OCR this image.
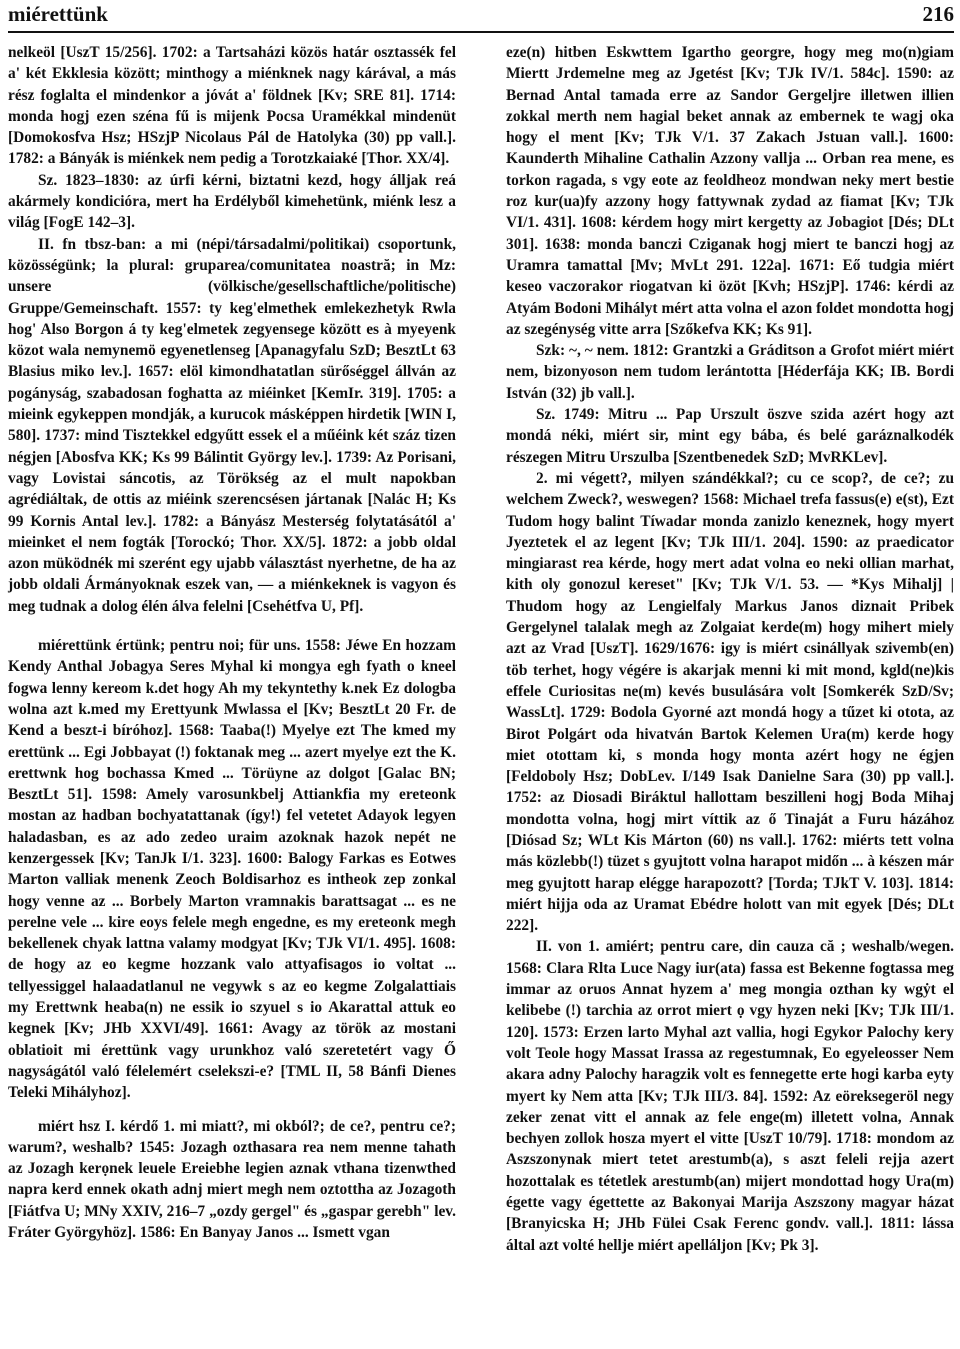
miérettünk	216

nelkeöl [UszT 15/256]. 1702: a Tartsaházi közös határ osztassék fel a' két Ekklesia között; minthogy a miénknek nagy kárával, a más rész foglalta el mindenkor a jóvát a' földnek [Kv; SRE 81]. 1714: monda hogj ezen széna fű is mijenk Pocsa Uramékkal mindenüt [Domokosfva Hsz; HSzjP Nicolaus Pál de Hatolyka (30) pp vall.]. 1782: a Bányák is miénkek nem pedig a Torotzkaiaké [Thor. XX/4].

Sz. 1823–1830: az úrfi kérni, biztatni kezd, hogy álljak reá akármely kondicióra, mert ha Erdélyből kimehetünk, miénk lesz a világ [FogE 142–3].

II. fn tbsz-ban: a mi (népi/társadalmi/politikai) csoportunk, közösségünk; la plural: gruparea/comunitatea noastră; in Mz: unsere (völkische/gesellschaftliche/politische) Gruppe/Gemeinschaft. 1557: ty keg'elmethek emlekezhetyk Rwla hog' Also Borgon á ty keg'elmetek zegyensege között es à myeyenk közot wala nemynemö egyenetlenseg [Apanagyfalu SzD; BesztLt 63 Blasius miko lev.]. 1657: elöl kimondhatatlan sürőséggel állván az pogányság, szabadosan foghatta az miéinket [KemIr. 319]. 1705: a mieink egykeppen mondják, a kurucok másképpen hirdetik [WIN I, 580]. 1737: mind Tisztekkel edgyűtt essek el a műéink két száz tizen négjen [Abosfva KK; Ks 99 Bálintit György lev.]. 1739: Az Porisani, vagy Lovistai sáncotis, az Törökség az el mult napokban agrédiáltak, de ottis az miéink szerencsésen jártanak [Nalác H; Ks 99 Kornis Antal lev.]. 1782: a Bányász Mesterség folytatásától a' mieinket el nem fogták [Torockó; Thor. XX/5]. 1872: a jobb oldal azon müködnék mi szerént egy ujabb választást nyerhetne, de ha az jobb oldali Ármányoknak eszek van, — a miénkeknek is vagyon és meg tudnak a dolog élén álva felelni [Csehétfva U, Pf].

miérettünk értünk; pentru noi; für uns. 1558: Jéwe En hozzam Kendy Anthal Jobagya Seres Myhal ki mongya egh fyath o kneel fogwa lenny kereom k.det hogy Ah my tekyntethy k.nek Ez dologba wolna azt k.med my Erettyunk Mwlassa el [Kv; BesztLt 20 Fr. de Kend a beszt-i bíróhoz]. 1568: Taaba(!) Myelye ezt The kmed my erettünk ... Egi Jobbayat (!) foktanak meg ... azert myelye ezt the K. erettwnk hog bochassa Kmed ... Törüyne az dolgot [Galac BN; BesztLt 51]. 1598: Amely varosunkbelj Attiankfia my ereteonk mostan az hadban bochyatattanak (így!) fel vetetet Adayok legyen haladasban, es az ado zedeo uraim azoknak hazok nepét ne kenzergessek [Kv; TanJk I/1. 323]. 1600: Balogy Farkas es Eotwes Marton valliak menenk Zeoch Boldisarhoz es intheok zep zonkal hogy venne az ... Borbely Marton vramnakis barattsagat ... es ne perelne vele ... kire eoys felele megh engedne, es my ereteonk megh bekellenek chyak lattna valamy modgyat [Kv; TJk VI/1. 495]. 1608: de hogy az eo kegme hozzank valo attyafisagos io voltat ... tellyessiggel halaadatlanul ne vegywk s az eo kegme Zolgalattiais my Erettwnk heaba(n) ne essik io szyuel s io Akarattal attuk eo kegnek [Kv; JHb XXVI/49]. 1661: Avagy az török az mostani oblatioit mi érettünk vagy urunkhoz való szeretetért vagy Ő nagyságától való félelemért cselekszi-e? [TML II, 58 Bánfi Dienes Teleki Mihályhoz].

miért hsz I. kérdő 1. mi miatt?, mi okból?; de ce?, pentru ce?; warum?, weshalb? 1545: Jozagh ozthasara rea nem menne tahath az Jozagh kerọnek leuele Ereiebhe legien aznak vthana tizenwthed napra kerd ennek okath adnj miert megh nem oztottha az Jozagoth [Fiátfva U; MNy XXIV, 216–7 „ozdy gergel" és „gaspar gerebh" lev. Fráter Györgyhöz]. 1586: En Banyay Janos ... Ismett vgan

eze(n) hitben Eskwttem Igartho georgre, hogy meg mo(n)giam Miertt Jrdemelne meg az Jgetést [Kv; TJk IV/1. 584c]. 1590: az Bernad Antal tamada erre az Sandor Gergeljre illetwen illien zokkal merth nem hagial beket annak az embernek te wagj oka hogy el ment [Kv; TJk V/1. 37 Zakach Jstuan vall.]. 1600: Kaunderth Mihaline Cathalin Azzony vallja ... Orban rea mene, es torkon ragada, s vgy eote az feoldheoz mondwan neky mert bestie roz kur(ua)fy azzony hogy fattywnak zydad az fiamat [Kv; TJk VI/1. 431]. 1608: kérdem hogy mirt kergetty az Jobagiot [Dés; DLt 301]. 1638: monda banczi Cziganak hogj miert te banczi hogj az Uramra tamattal [Mv; MvLt 291. 122a]. 1671: Eő tudgia miért keseo vaczorakor riogatvan ki özöt [Kvh; HSzjP]. 1746: kérdi az Atyám Bodoni Mihályt mért atta volna el azon foldet mondotta hogj az szegénység vitte arra [Szőkefva KK; Ks 91].

Szk: ~, ~ nem. 1812: Grantzki a Gráditson a Grofot miért miért nem, bizonyoson nem tudom lerántotta [Héderfája KK; IB. Bordi István (32) jb vall.].

Sz. 1749: Mitru ... Pap Urszult öszve szida azért hogy azt mondá néki, miért sir, mint egy bába, és belé garáznalkodék részegen Mitru Urszulba [Szentbenedek SzD; MvRKLev].

2. mi végett?, milyen szándékkal?; cu ce scop?, de ce?; zu welchem Zweck?, weswegen? 1568: Michael trefa fassus(e) e(st), Ezt Tudom hogy balint Tíwadar monda zanizlo keneznek, hogy myert Jyeztetek el az legent [Kv; TJk III/1. 204]. 1590: az praedicator mingiarast rea kérde, hogy mert adat volna eo neki ollian marhat, kith oly gonozul kereset" [Kv; TJk V/1. 53. — *Kys Mihalj] | Thudom hogy az Lengielfaly Markus Janos diznait Pribek Gergelynel talalak megh az Zolgaiat kerde(m) hogy mihert miely azt az Vrad [UszT]. 1629/1676: igy is miért csinállyak szivemb(en) töb terhet, hogy végére is akarjak menni ki mit mond, kgld(ne)kis effele Curiositas ne(m) kevés busulására volt [Somkerék SzD/Sv; WassLt]. 1729: Bodola Gyorné azt mondá hogy a tűzet ki otota, az Birot Polgárt oda hivatván Bartok Kelemen Ura(m) kerde hogy miet otottam ki, s monda hogy monta azért hogy ne égjen [Feldoboly Hsz; DobLev. I/149 Isak Danielne Sara (30) pp vall.]. 1752: az Diosadi Biráktul hallottam beszilleni hogj Boda Mihaj mondotta volna, hogj mirt víttik az ő Tinaját a Furu házához [Diósad Sz; WLt Kis Márton (60) ns vall.]. 1762: miérts tett volna más közlebb(!) tüzet s gyujtott volna harapot midőn ... à készen már meg gyujtott harap elégge harapozott? [Torda; TJkT V. 103]. 1814: miért hijja oda az Uramat Ebédre holott van mit egyek [Dés; DLt 222].

II. von 1. amiért; pentru care, din cauza că ; weshalb/wegen. 1568: Clara Rlta Luce Nagy iur(ata) fassa est Bekenne fogtassa meg immar az oruos Annat hyzem a' meg mongia ozthan ky wgẏt el kelibebe (!) tarchia az orrot miert ọ vgy hyzen neki [Kv; TJk III/1. 120]. 1573: Erzen larto Myhal azt vallia, hogi Egykor Palochy kery volt Teole hogy Massat Irassa az regestumnak, Eo egyeleosser Nem akara adny Palochy haragzik volt es fennegette erte hogi karba eyty myert ky Nem atta [Kv; TJk III/3. 84]. 1592: Az eöreksegeröl negy zeker zenat vitt el annak az fele enge(m) illetett volna, Annak bechyen zollok hosza myert el vitte [UszT 10/79]. 1718: mondom az Aszszonynak miert tetet arestumb(a), s aszt feleli rejja azert hozottalak es tétetlek arestumb(an) mijert mondottad hogy Ura(m) égette vagy égettette az Bakonyai Marija Aszszony magyar házat [Branyicska H; JHb Fülei Csak Ferenc gondv. vall.]. 1811: lássa által azt volté hellje miért apelláljon [Kv; Pk 3].
